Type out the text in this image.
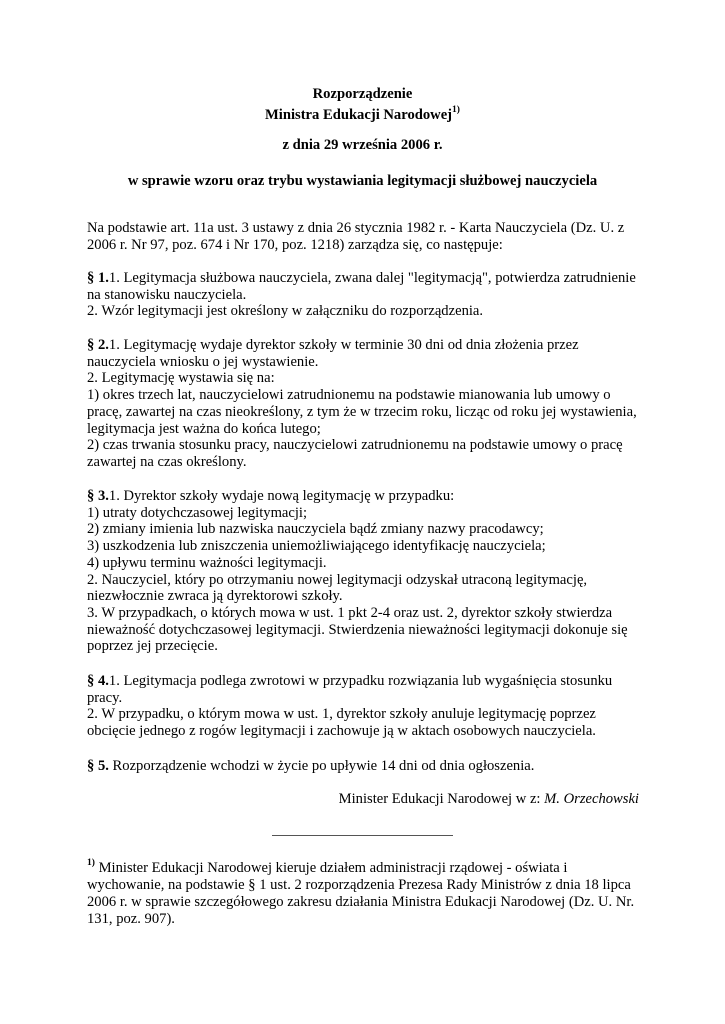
Rozporządzenie
Ministra Edukacji Narodowej$^{1)}$
z dnia 29 września 2006 r.
w sprawie wzoru oraz trybu wystawiania legitymacji służbowej nauczyciela
Na podstawie art. 11a ust. 3 ustawy z dnia 26 stycznia 1982 r. - Karta Nauczyciela (Dz. U. z
2006 r. Nr 97, poz. 674 i Nr 170, poz. 1218) zarządza się, co następuje:
§ 1.1. Legitymacja służbowa nauczyciela, zwana dalej "legitymacją", potwierdza zatrudnienie
na stanowisku nauczyciela.
2. Wzór legitymacji jest określony w załączniku do rozporządzenia.
§ 2.1. Legitymację wydaje dyrektor szkoły w terminie 30 dni od dnia złożenia przez
nauczyciela wniosku o jej wystawienie.
2. Legitymację wystawia się na:
1) okres trzech lat, nauczycielowi zatrudnionemu na podstawie mianowania lub umowy o
pracę, zawartej na czas nieokreślony, z tym że w trzecim roku, licząc od roku jej wystawienia,
legitymacja jest ważna do końca lutego;
2) czas trwania stosunku pracy, nauczycielowi zatrudnionemu na podstawie umowy o pracę
zawartej na czas określony.
§ 3.1. Dyrektor szkoły wydaje nową legitymację w przypadku:
1) utraty dotychczasowej legitymacji;
2) zmiany imienia lub nazwiska nauczyciela bądź zmiany nazwy pracodawcy;
3) uszkodzenia lub zniszczenia uniemożliwiającego identyfikację nauczyciela;
4) upływu terminu ważności legitymacji.
2. Nauczyciel, który po otrzymaniu nowej legitymacji odzyskał utraconą legitymację,
niezwłocznie zwraca ją dyrektorowi szkoły.
3. W przypadkach, o których mowa w ust. 1 pkt 2-4 oraz ust. 2, dyrektor szkoły stwierdza
nieważność dotychczasowej legitymacji. Stwierdzenia nieważności legitymacji dokonuje się
poprzez jej przecięcie.
§ 4.1. Legitymacja podlega zwrotowi w przypadku rozwiązania lub wygaśnięcia stosunku
pracy.
2. W przypadku, o którym mowa w ust. 1, dyrektor szkoły anuluje legitymację poprzez
obcięcie jednego z rogów legitymacji i zachowuje ją w aktach osobowych nauczyciela.
§ 5. Rozporządzenie wchodzi w życie po upływie 14 dni od dnia ogłoszenia.
Minister Edukacji Narodowej w z: M. Orzechowski
$^{1)}$ Minister Edukacji Narodowej kieruje działem administracji rządowej - oświata i
wychowanie, na podstawie § 1 ust. 2 rozporządzenia Prezesa Rady Ministrów z dnia 18 lipca
2006 r. w sprawie szczegółowego zakresu działania Ministra Edukacji Narodowej (Dz. U. Nr.
131, poz. 907).
